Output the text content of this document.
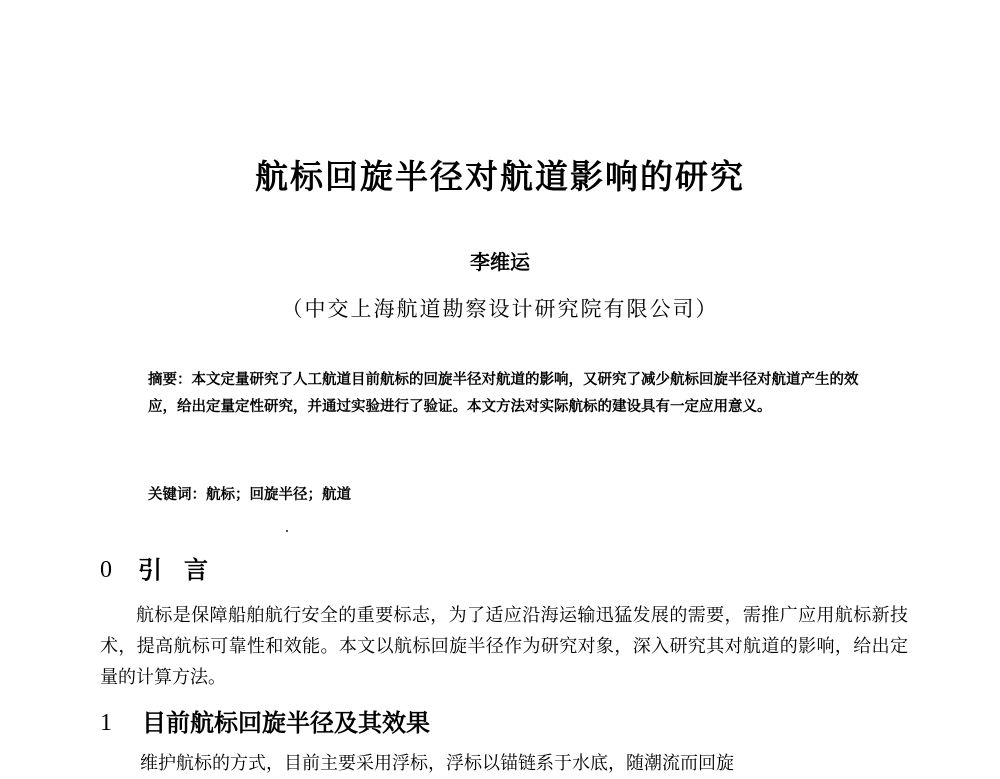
航标回旋半径对航道影响的研究
李维运
（中交上海航道勘察设计研究院有限公司）
摘要：本文定量研究了人工航道目前航标的回旋半径对航道的影响，又研究了减少航标回旋半径对航道产生的效应，给出定量定性研究，并通过实验进行了验证。本文方法对实际航标的建设具有一定应用意义。
关键词：航标；回旋半径；航道
0 引言
航标是保障船舶航行安全的重要标志，为了适应沿海运输迅猛发展的需要，需推广应用航标新技术，提高航标可靠性和效能。本文以航标回旋半径作为研究对象，深入研究其对航道的影响，给出定量的计算方法。
1 目前航标回旋半径及其效果
维护航标的方式，目前主要采用浮标，浮标以锚链系于水底，随潮流而回旋
